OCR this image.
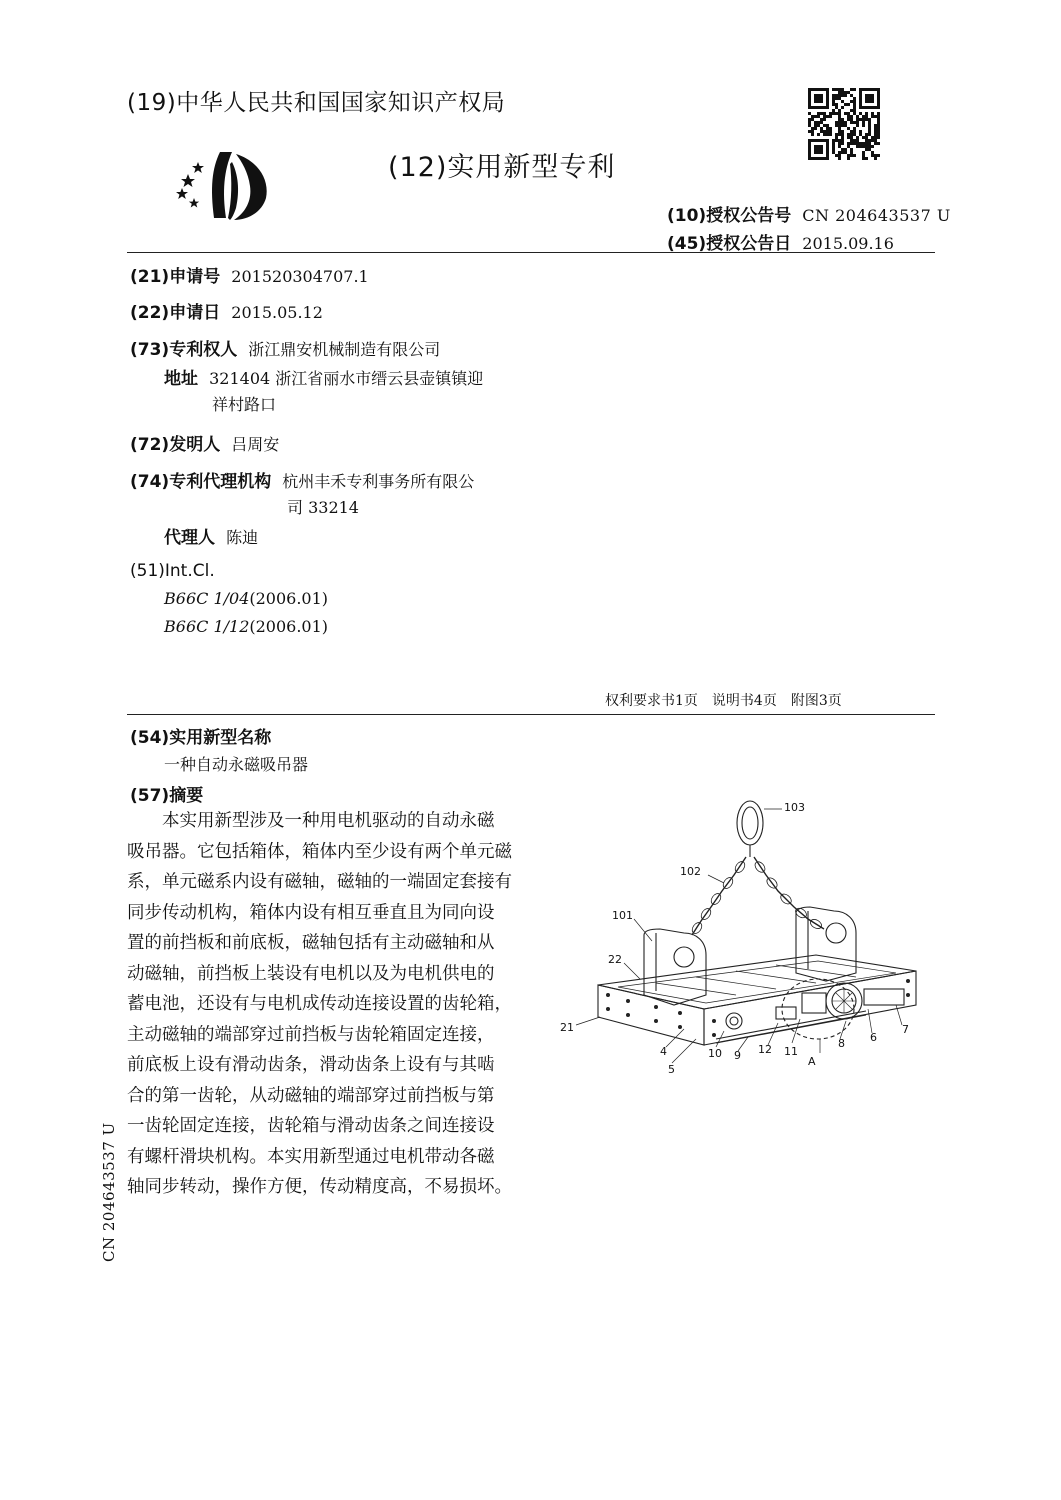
(19)中华人民共和国国家知识产权局
(12)实用新型专利
(10)授权公告号 CN 204643537 U
(45)授权公告日 2015.09.16
(21)申请号 201520304707.1
(22)申请日 2015.05.12
(73)专利权人 浙江鼎安机械制造有限公司
地址 321404 浙江省丽水市缙云县壶镇镇迎
祥村路口
(72)发明人 吕周安
(74)专利代理机构 杭州丰禾专利事务所有限公
司 33214
代理人 陈迪
(51)Int.Cl.
B66C 1/04(2006.01)
B66C 1/12(2006.01)
权利要求书1页　说明书4页　附图3页
(54)实用新型名称
一种自动永磁吸吊器
(57)摘要
本实用新型涉及一种用电机驱动的自动永磁
吸吊器。它包括箱体，箱体内至少设有两个单元磁
系，单元磁系内设有磁轴，磁轴的一端固定套接有
同步传动机构，箱体内设有相互垂直且为同向设
置的前挡板和前底板，磁轴包括有主动磁轴和从
动磁轴，前挡板上装设有电机以及为电机供电的
蓄电池，还设有与电机成传动连接设置的齿轮箱，
主动磁轴的端部穿过前挡板与齿轮箱固定连接，
前底板上设有滑动齿条，滑动齿条上设有与其啮
合的第一齿轮，从动磁轴的端部穿过前挡板与第
一齿轮固定连接，齿轮箱与滑动齿条之间连接设
有螺杆滑块机构。本实用新型通过电机带动各磁
轴同步转动，操作方便，传动精度高，不易损坏。
103
102
101
22
21
4
5
10 9 12 11
A
8 6
7
CN 204643537 U
